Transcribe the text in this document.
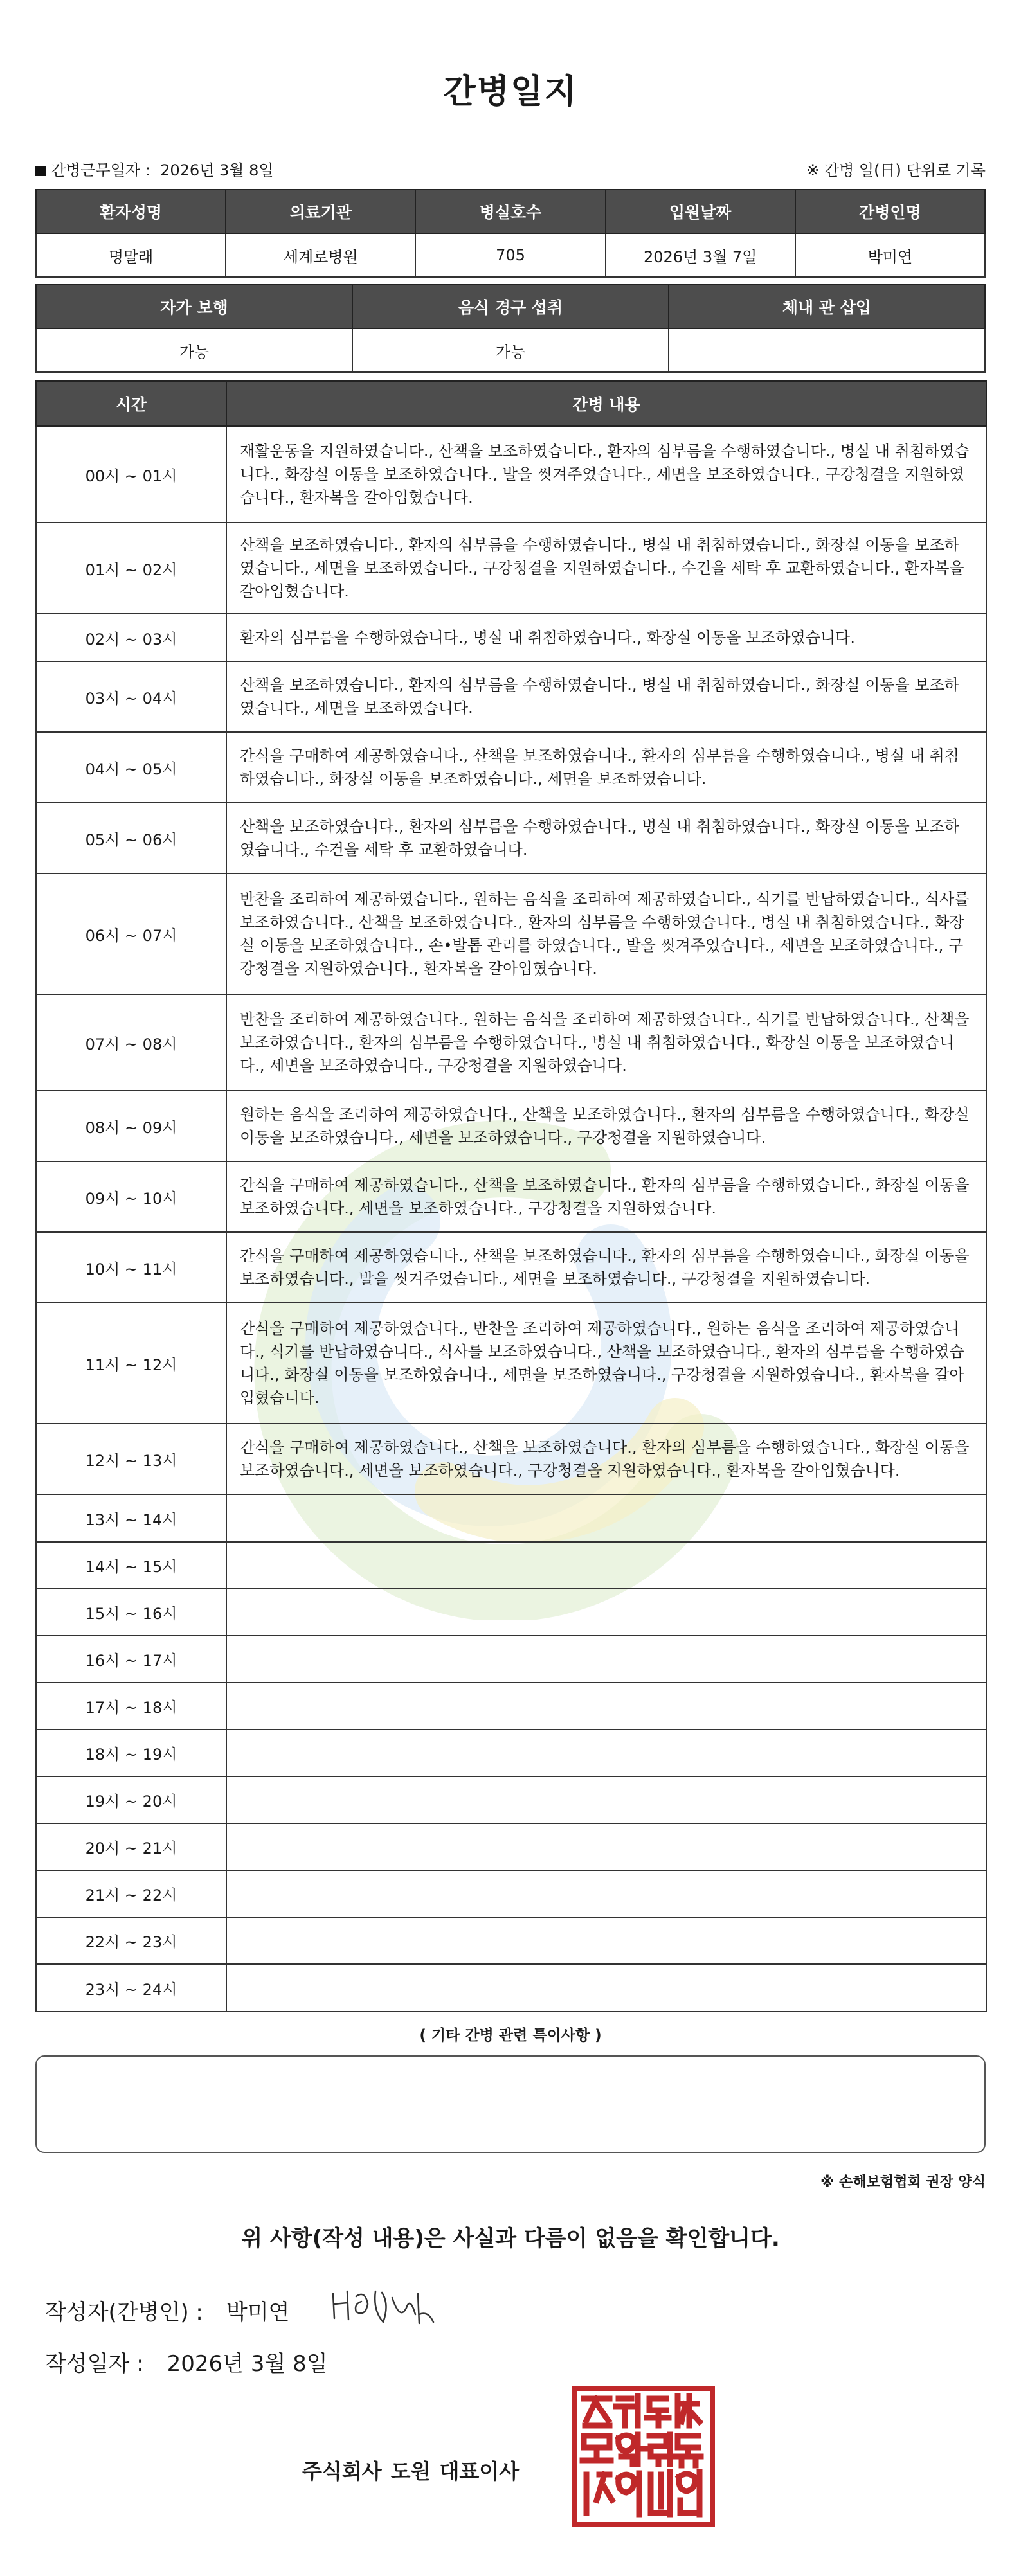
간병일지
간병근무일자 : 2026년 3월 8일	※ 간병 일(日) 단위로 기록
환자성명	의료기관	병실호수	입원날짜	간병인명
명말래	세계로병원	705	2026년 3월 7일	박미연
자가 보행	음식 경구 섭취	체내 관 삽입
가능	가능	
시간	간병 내용
00시 ~ 01시	재활운동을 지원하였습니다., 산책을 보조하였습니다., 환자의 심부름을 수행하였습니다., 병실 내 취침하였습니다., 화장실 이동을 보조하였습니다., 발을 씻겨주었습니다., 세면을 보조하였습니다., 구강청결을 지원하였습니다., 환자복을 갈아입혔습니다.
01시 ~ 02시	산책을 보조하였습니다., 환자의 심부름을 수행하였습니다., 병실 내 취침하였습니다., 화장실 이동을 보조하였습니다., 세면을 보조하였습니다., 구강청결을 지원하였습니다., 수건을 세탁 후 교환하였습니다., 환자복을 갈아입혔습니다.
02시 ~ 03시	환자의 심부름을 수행하였습니다., 병실 내 취침하였습니다., 화장실 이동을 보조하였습니다.
03시 ~ 04시	산책을 보조하였습니다., 환자의 심부름을 수행하였습니다., 병실 내 취침하였습니다., 화장실 이동을 보조하였습니다., 세면을 보조하였습니다.
04시 ~ 05시	간식을 구매하여 제공하였습니다., 산책을 보조하였습니다., 환자의 심부름을 수행하였습니다., 병실 내 취침하였습니다., 화장실 이동을 보조하였습니다., 세면을 보조하였습니다.
05시 ~ 06시	산책을 보조하였습니다., 환자의 심부름을 수행하였습니다., 병실 내 취침하였습니다., 화장실 이동을 보조하였습니다., 수건을 세탁 후 교환하였습니다.
06시 ~ 07시	반찬을 조리하여 제공하였습니다., 원하는 음식을 조리하여 제공하였습니다., 식기를 반납하였습니다., 식사를 보조하였습니다., 산책을 보조하였습니다., 환자의 심부름을 수행하였습니다., 병실 내 취침하였습니다., 화장실 이동을 보조하였습니다., 손•발톱 관리를 하였습니다., 발을 씻겨주었습니다., 세면을 보조하였습니다., 구강청결을 지원하였습니다., 환자복을 갈아입혔습니다.
07시 ~ 08시	반찬을 조리하여 제공하였습니다., 원하는 음식을 조리하여 제공하였습니다., 식기를 반납하였습니다., 산책을 보조하였습니다., 환자의 심부름을 수행하였습니다., 병실 내 취침하였습니다., 화장실 이동을 보조하였습니다., 세면을 보조하였습니다., 구강청결을 지원하였습니다.
08시 ~ 09시	원하는 음식을 조리하여 제공하였습니다., 산책을 보조하였습니다., 환자의 심부름을 수행하였습니다., 화장실 이동을 보조하였습니다., 세면을 보조하였습니다., 구강청결을 지원하였습니다.
09시 ~ 10시	간식을 구매하여 제공하였습니다., 산책을 보조하였습니다., 환자의 심부름을 수행하였습니다., 화장실 이동을 보조하였습니다., 세면을 보조하였습니다., 구강청결을 지원하였습니다.
10시 ~ 11시	간식을 구매하여 제공하였습니다., 산책을 보조하였습니다., 환자의 심부름을 수행하였습니다., 화장실 이동을 보조하였습니다., 발을 씻겨주었습니다., 세면을 보조하였습니다., 구강청결을 지원하였습니다.
11시 ~ 12시	간식을 구매하여 제공하였습니다., 반찬을 조리하여 제공하였습니다., 원하는 음식을 조리하여 제공하였습니다., 식기를 반납하였습니다., 식사를 보조하였습니다., 산책을 보조하였습니다., 환자의 심부름을 수행하였습니다., 화장실 이동을 보조하였습니다., 세면을 보조하였습니다., 구강청결을 지원하였습니다., 환자복을 갈아입혔습니다.
12시 ~ 13시	간식을 구매하여 제공하였습니다., 산책을 보조하였습니다., 환자의 심부름을 수행하였습니다., 화장실 이동을 보조하였습니다., 세면을 보조하였습니다., 구강청결을 지원하였습니다., 환자복을 갈아입혔습니다.
13시 ~ 14시	
14시 ~ 15시	
15시 ~ 16시	
16시 ~ 17시	
17시 ~ 18시	
18시 ~ 19시	
19시 ~ 20시	
20시 ~ 21시	
21시 ~ 22시	
22시 ~ 23시	
23시 ~ 24시	
( 기타 간병 관련 특이사항 )
※ 손해보험협회 권장 양식
위 사항(작성 내용)은 사실과 다름이 없음을 확인합니다.
작성자(간병인) : 박미연
작성일자 : 2026년 3월 8일
주식회사 도원 대표이사
